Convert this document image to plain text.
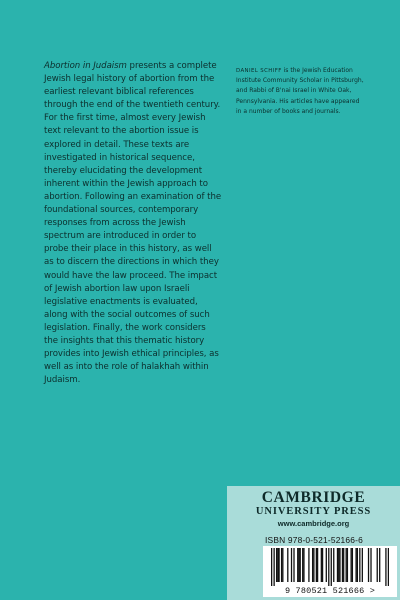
Abortion in Judaism presents a complete Jewish legal history of abortion from the earliest relevant biblical references through the end of the twentieth century. For the first time, almost every Jewish text relevant to the abortion issue is explored in detail. These texts are investigated in historical sequence, thereby elucidating the development inherent within the Jewish approach to abortion. Following an examination of the foundational sources, contemporary responses from across the Jewish spectrum are introduced in order to probe their place in this history, as well as to discern the directions in which they would have the law proceed. The impact of Jewish abortion law upon Israeli legislative enactments is evaluated, along with the social outcomes of such legislation. Finally, the work considers the insights that this thematic history provides into Jewish ethical principles, as well as into the role of halakhah within Judaism.
DANIEL SCHIFF is the Jewish Education Institute Community Scholar in Pittsburgh, and Rabbi of B'nai Israel in White Oak, Pennsylvania. His articles have appeared in a number of books and journals.
CAMBRIDGE
UNIVERSITY PRESS
www.cambridge.org
ISBN 978-0-521-52166-6
9 780521 521666 >
